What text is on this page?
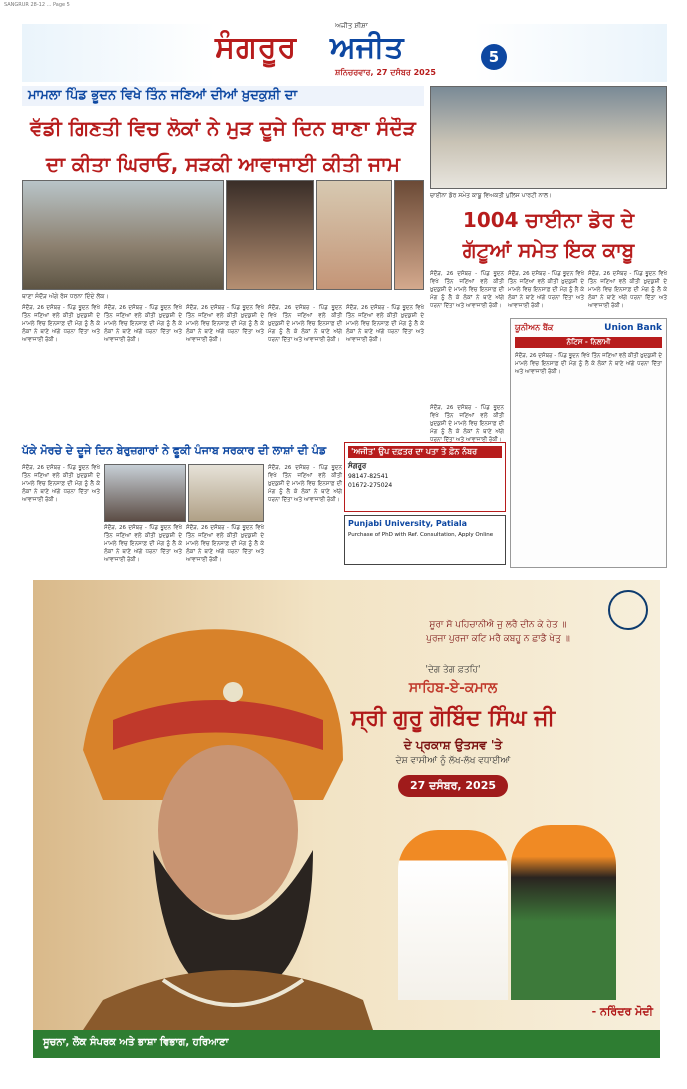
SANGRUR 28-12 ... Page 5
ਸੰਗਰੂਰ ਅਜੀਤ
ਅਜੀਤ ਸ਼ੀਸ਼ਾ
ਸ਼ਨਿਚਰਵਾਰ, 27 ਦਸੰਬਰ 2025
5
ਮਾਮਲਾ ਪਿੰਡ ਭੂਦਨ ਵਿਖੇ ਤਿੰਨ ਜਣਿਆਂ ਦੀਆਂ ਖ਼ੁਦਕੁਸ਼ੀ ਦਾ
ਵੱਡੀ ਗਿਣਤੀ ਵਿਚ ਲੋਕਾਂ ਨੇ ਮੁੜ ਦੂਜੇ ਦਿਨ ਥਾਣਾ ਸੰਦੌੜ
ਦਾ ਕੀਤਾ ਘਿਰਾਓ, ਸੜਕੀ ਆਵਾਜਾਈ ਕੀਤੀ ਜਾਮ
ਥਾਣਾ ਸੰਦੌੜ ਅੱਗੇ ਰੋਸ ਧਰਨਾ ਦਿੰਦੇ ਲੋਕ।
ਸੰਦੌੜ, 26 ਦਸੰਬਰ - ਪਿੰਡ ਭੂਦਨ ਵਿਖੇ ਤਿੰਨ ਜਣਿਆਂ ਵਲੋਂ ਕੀਤੀ ਖ਼ੁਦਕੁਸ਼ੀ ਦੇ ਮਾਮਲੇ ਵਿਚ ਇਨਸਾਫ਼ ਦੀ ਮੰਗ ਨੂੰ ਲੈ ਕੇ ਲੋਕਾਂ ਨੇ ਥਾਣੇ ਅੱਗੇ ਧਰਨਾ ਦਿੱਤਾ ਅਤੇ ਆਵਾਜਾਈ ਰੋਕੀ।
ਸੰਦੌੜ, 26 ਦਸੰਬਰ - ਪਿੰਡ ਭੂਦਨ ਵਿਖੇ ਤਿੰਨ ਜਣਿਆਂ ਵਲੋਂ ਕੀਤੀ ਖ਼ੁਦਕੁਸ਼ੀ ਦੇ ਮਾਮਲੇ ਵਿਚ ਇਨਸਾਫ਼ ਦੀ ਮੰਗ ਨੂੰ ਲੈ ਕੇ ਲੋਕਾਂ ਨੇ ਥਾਣੇ ਅੱਗੇ ਧਰਨਾ ਦਿੱਤਾ ਅਤੇ ਆਵਾਜਾਈ ਰੋਕੀ।
ਸੰਦੌੜ, 26 ਦਸੰਬਰ - ਪਿੰਡ ਭੂਦਨ ਵਿਖੇ ਤਿੰਨ ਜਣਿਆਂ ਵਲੋਂ ਕੀਤੀ ਖ਼ੁਦਕੁਸ਼ੀ ਦੇ ਮਾਮਲੇ ਵਿਚ ਇਨਸਾਫ਼ ਦੀ ਮੰਗ ਨੂੰ ਲੈ ਕੇ ਲੋਕਾਂ ਨੇ ਥਾਣੇ ਅੱਗੇ ਧਰਨਾ ਦਿੱਤਾ ਅਤੇ ਆਵਾਜਾਈ ਰੋਕੀ।
ਸੰਦੌੜ, 26 ਦਸੰਬਰ - ਪਿੰਡ ਭੂਦਨ ਵਿਖੇ ਤਿੰਨ ਜਣਿਆਂ ਵਲੋਂ ਕੀਤੀ ਖ਼ੁਦਕੁਸ਼ੀ ਦੇ ਮਾਮਲੇ ਵਿਚ ਇਨਸਾਫ਼ ਦੀ ਮੰਗ ਨੂੰ ਲੈ ਕੇ ਲੋਕਾਂ ਨੇ ਥਾਣੇ ਅੱਗੇ ਧਰਨਾ ਦਿੱਤਾ ਅਤੇ ਆਵਾਜਾਈ ਰੋਕੀ।
ਸੰਦੌੜ, 26 ਦਸੰਬਰ - ਪਿੰਡ ਭੂਦਨ ਵਿਖੇ ਤਿੰਨ ਜਣਿਆਂ ਵਲੋਂ ਕੀਤੀ ਖ਼ੁਦਕੁਸ਼ੀ ਦੇ ਮਾਮਲੇ ਵਿਚ ਇਨਸਾਫ਼ ਦੀ ਮੰਗ ਨੂੰ ਲੈ ਕੇ ਲੋਕਾਂ ਨੇ ਥਾਣੇ ਅੱਗੇ ਧਰਨਾ ਦਿੱਤਾ ਅਤੇ ਆਵਾਜਾਈ ਰੋਕੀ।
ਚਾਈਨਾ ਡੋਰ ਸਮੇਤ ਕਾਬੂ ਵਿਅਕਤੀ ਪੁਲਿਸ ਪਾਰਟੀ ਨਾਲ।
1004 ਚਾਈਨਾ ਡੋਰ ਦੇ
ਗੱਟੂਆਂ ਸਮੇਤ ਇਕ ਕਾਬੂ
ਸੰਦੌੜ, 26 ਦਸੰਬਰ - ਪਿੰਡ ਭੂਦਨ ਵਿਖੇ ਤਿੰਨ ਜਣਿਆਂ ਵਲੋਂ ਕੀਤੀ ਖ਼ੁਦਕੁਸ਼ੀ ਦੇ ਮਾਮਲੇ ਵਿਚ ਇਨਸਾਫ਼ ਦੀ ਮੰਗ ਨੂੰ ਲੈ ਕੇ ਲੋਕਾਂ ਨੇ ਥਾਣੇ ਅੱਗੇ ਧਰਨਾ ਦਿੱਤਾ ਅਤੇ ਆਵਾਜਾਈ ਰੋਕੀ।
ਸੰਦੌੜ, 26 ਦਸੰਬਰ - ਪਿੰਡ ਭੂਦਨ ਵਿਖੇ ਤਿੰਨ ਜਣਿਆਂ ਵਲੋਂ ਕੀਤੀ ਖ਼ੁਦਕੁਸ਼ੀ ਦੇ ਮਾਮਲੇ ਵਿਚ ਇਨਸਾਫ਼ ਦੀ ਮੰਗ ਨੂੰ ਲੈ ਕੇ ਲੋਕਾਂ ਨੇ ਥਾਣੇ ਅੱਗੇ ਧਰਨਾ ਦਿੱਤਾ ਅਤੇ ਆਵਾਜਾਈ ਰੋਕੀ।
ਸੰਦੌੜ, 26 ਦਸੰਬਰ - ਪਿੰਡ ਭੂਦਨ ਵਿਖੇ ਤਿੰਨ ਜਣਿਆਂ ਵਲੋਂ ਕੀਤੀ ਖ਼ੁਦਕੁਸ਼ੀ ਦੇ ਮਾਮਲੇ ਵਿਚ ਇਨਸਾਫ਼ ਦੀ ਮੰਗ ਨੂੰ ਲੈ ਕੇ ਲੋਕਾਂ ਨੇ ਥਾਣੇ ਅੱਗੇ ਧਰਨਾ ਦਿੱਤਾ ਅਤੇ ਆਵਾਜਾਈ ਰੋਕੀ।
ਸੰਦੌੜ, 26 ਦਸੰਬਰ - ਪਿੰਡ ਭੂਦਨ ਵਿਖੇ ਤਿੰਨ ਜਣਿਆਂ ਵਲੋਂ ਕੀਤੀ ਖ਼ੁਦਕੁਸ਼ੀ ਦੇ ਮਾਮਲੇ ਵਿਚ ਇਨਸਾਫ਼ ਦੀ ਮੰਗ ਨੂੰ ਲੈ ਕੇ ਲੋਕਾਂ ਨੇ ਥਾਣੇ ਅੱਗੇ ਧਰਨਾ ਦਿੱਤਾ ਅਤੇ ਆਵਾਜਾਈ ਰੋਕੀ।
ਪੱਕੇ ਮੋਰਚੇ ਦੇ ਦੂਜੇ ਦਿਨ ਬੇਰੁਜ਼ਗਾਰਾਂ ਨੇ ਫੂਕੀ ਪੰਜਾਬ ਸਰਕਾਰ ਦੀ ਲਾਸ਼ਾਂ ਦੀ ਪੰਡ
ਸੰਦੌੜ, 26 ਦਸੰਬਰ - ਪਿੰਡ ਭੂਦਨ ਵਿਖੇ ਤਿੰਨ ਜਣਿਆਂ ਵਲੋਂ ਕੀਤੀ ਖ਼ੁਦਕੁਸ਼ੀ ਦੇ ਮਾਮਲੇ ਵਿਚ ਇਨਸਾਫ਼ ਦੀ ਮੰਗ ਨੂੰ ਲੈ ਕੇ ਲੋਕਾਂ ਨੇ ਥਾਣੇ ਅੱਗੇ ਧਰਨਾ ਦਿੱਤਾ ਅਤੇ ਆਵਾਜਾਈ ਰੋਕੀ।
ਸੰਦੌੜ, 26 ਦਸੰਬਰ - ਪਿੰਡ ਭੂਦਨ ਵਿਖੇ ਤਿੰਨ ਜਣਿਆਂ ਵਲੋਂ ਕੀਤੀ ਖ਼ੁਦਕੁਸ਼ੀ ਦੇ ਮਾਮਲੇ ਵਿਚ ਇਨਸਾਫ਼ ਦੀ ਮੰਗ ਨੂੰ ਲੈ ਕੇ ਲੋਕਾਂ ਨੇ ਥਾਣੇ ਅੱਗੇ ਧਰਨਾ ਦਿੱਤਾ ਅਤੇ ਆਵਾਜਾਈ ਰੋਕੀ।
ਸੰਦੌੜ, 26 ਦਸੰਬਰ - ਪਿੰਡ ਭੂਦਨ ਵਿਖੇ ਤਿੰਨ ਜਣਿਆਂ ਵਲੋਂ ਕੀਤੀ ਖ਼ੁਦਕੁਸ਼ੀ ਦੇ ਮਾਮਲੇ ਵਿਚ ਇਨਸਾਫ਼ ਦੀ ਮੰਗ ਨੂੰ ਲੈ ਕੇ ਲੋਕਾਂ ਨੇ ਥਾਣੇ ਅੱਗੇ ਧਰਨਾ ਦਿੱਤਾ ਅਤੇ ਆਵਾਜਾਈ ਰੋਕੀ।
ਸੰਦੌੜ, 26 ਦਸੰਬਰ - ਪਿੰਡ ਭੂਦਨ ਵਿਖੇ ਤਿੰਨ ਜਣਿਆਂ ਵਲੋਂ ਕੀਤੀ ਖ਼ੁਦਕੁਸ਼ੀ ਦੇ ਮਾਮਲੇ ਵਿਚ ਇਨਸਾਫ਼ ਦੀ ਮੰਗ ਨੂੰ ਲੈ ਕੇ ਲੋਕਾਂ ਨੇ ਥਾਣੇ ਅੱਗੇ ਧਰਨਾ ਦਿੱਤਾ ਅਤੇ ਆਵਾਜਾਈ ਰੋਕੀ।
'ਅਜੀਤ' ਉਪ ਦਫ਼ਤਰ ਦਾ ਪਤਾ ਤੇ ਫ਼ੋਨ ਨੰਬਰ
ਸੰਗਰੂਰ
98147-82541
01672-275024
Punjabi University, Patiala
Purchase of PhD with Ref. Consultation, Apply Online
ਯੂਨੀਅਨ ਬੈਂਕ	Union Bank
ਨੋਟਿਸ - ਨਿਲਾਮੀ
ਸੰਦੌੜ, 26 ਦਸੰਬਰ - ਪਿੰਡ ਭੂਦਨ ਵਿਖੇ ਤਿੰਨ ਜਣਿਆਂ ਵਲੋਂ ਕੀਤੀ ਖ਼ੁਦਕੁਸ਼ੀ ਦੇ ਮਾਮਲੇ ਵਿਚ ਇਨਸਾਫ਼ ਦੀ ਮੰਗ ਨੂੰ ਲੈ ਕੇ ਲੋਕਾਂ ਨੇ ਥਾਣੇ ਅੱਗੇ ਧਰਨਾ ਦਿੱਤਾ ਅਤੇ ਆਵਾਜਾਈ ਰੋਕੀ।
ਸੂਰਾ ਸੋ ਪਹਿਚਾਨੀਐ ਜੁ ਲਰੈ ਦੀਨ ਕੇ ਹੇਤ ॥
ਪੁਰਜਾ ਪੁਰਜਾ ਕਟਿ ਮਰੈ ਕਬਹੂ ਨ ਛਾਡੈ ਖੇਤੁ ॥
'ਦੇਗ ਤੇਗ ਫ਼ਤਹਿ'
ਸਾਹਿਬ-ਏ-ਕਮਾਲ
ਸ੍ਰੀ ਗੁਰੂ ਗੋਬਿੰਦ ਸਿੰਘ ਜੀ
ਦੇ ਪ੍ਰਕਾਸ਼ ਉਤਸਵ 'ਤੇ
ਦੇਸ਼ ਵਾਸੀਆਂ ਨੂੰ ਲੱਖ-ਲੱਖ ਵਧਾਈਆਂ
27 ਦਸੰਬਰ, 2025
- ਨਰਿੰਦਰ ਮੋਦੀ
ਸੂਚਨਾ, ਲੋਕ ਸੰਪਰਕ ਅਤੇ ਭਾਸ਼ਾ ਵਿਭਾਗ, ਹਰਿਆਣਾ
